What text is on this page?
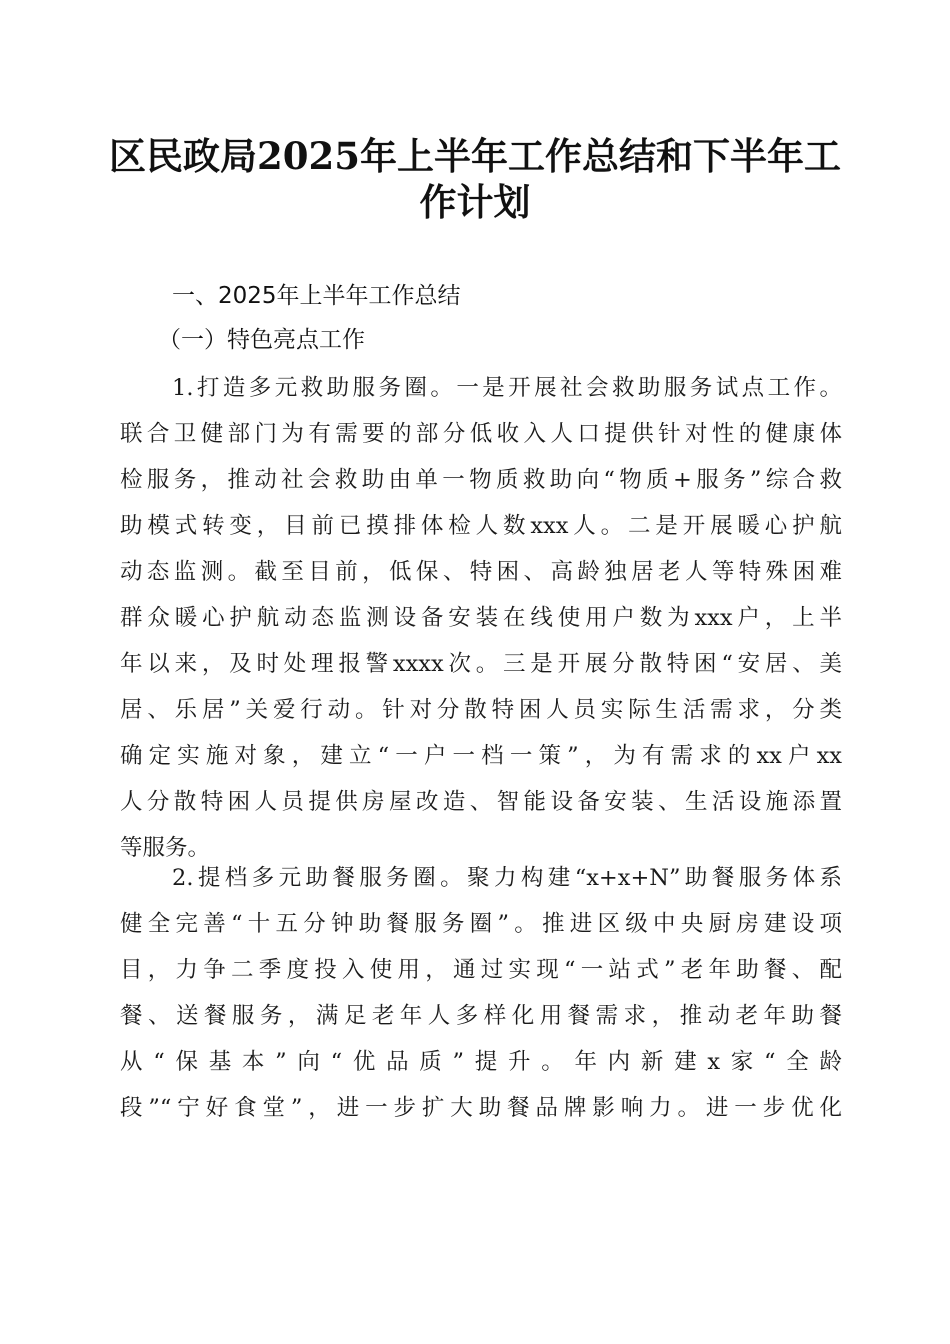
区民政局2025年上半年工作总结和下半年工
作计划
一、2025年上半年工作总结
（一）特色亮点工作
1.打造多元救助服务圈。一是开展社会救助服务试点工作。
联合卫健部门为有需要的部分低收入人口提供针对性的健康体
检服务，推动社会救助由单一物质救助向“物质+服务”综合救
助模式转变，目前已摸排体检人数xxx人。二是开展暖心护航
动态监测。截至目前，低保、特困、高龄独居老人等特殊困难
群众暖心护航动态监测设备安装在线使用户数为xxx户，上半
年以来，及时处理报警xxxx次。三是开展分散特困“安居、美
居、乐居”关爱行动。针对分散特困人员实际生活需求，分类
确定实施对象，建立“一户一档一策”，为有需求的xx户xx
人分散特困人员提供房屋改造、智能设备安装、生活设施添置
等服务。
2.提档多元助餐服务圈。聚力构建“x+x+N”助餐服务体系
健全完善“十五分钟助餐服务圈”。推进区级中央厨房建设项
目，力争二季度投入使用，通过实现“一站式”老年助餐、配
餐、送餐服务，满足老年人多样化用餐需求，推动老年助餐
从“保基本”向“优品质”提升。年内新建x家“全龄
段”“宁好食堂”，进一步扩大助餐品牌影响力。进一步优化
